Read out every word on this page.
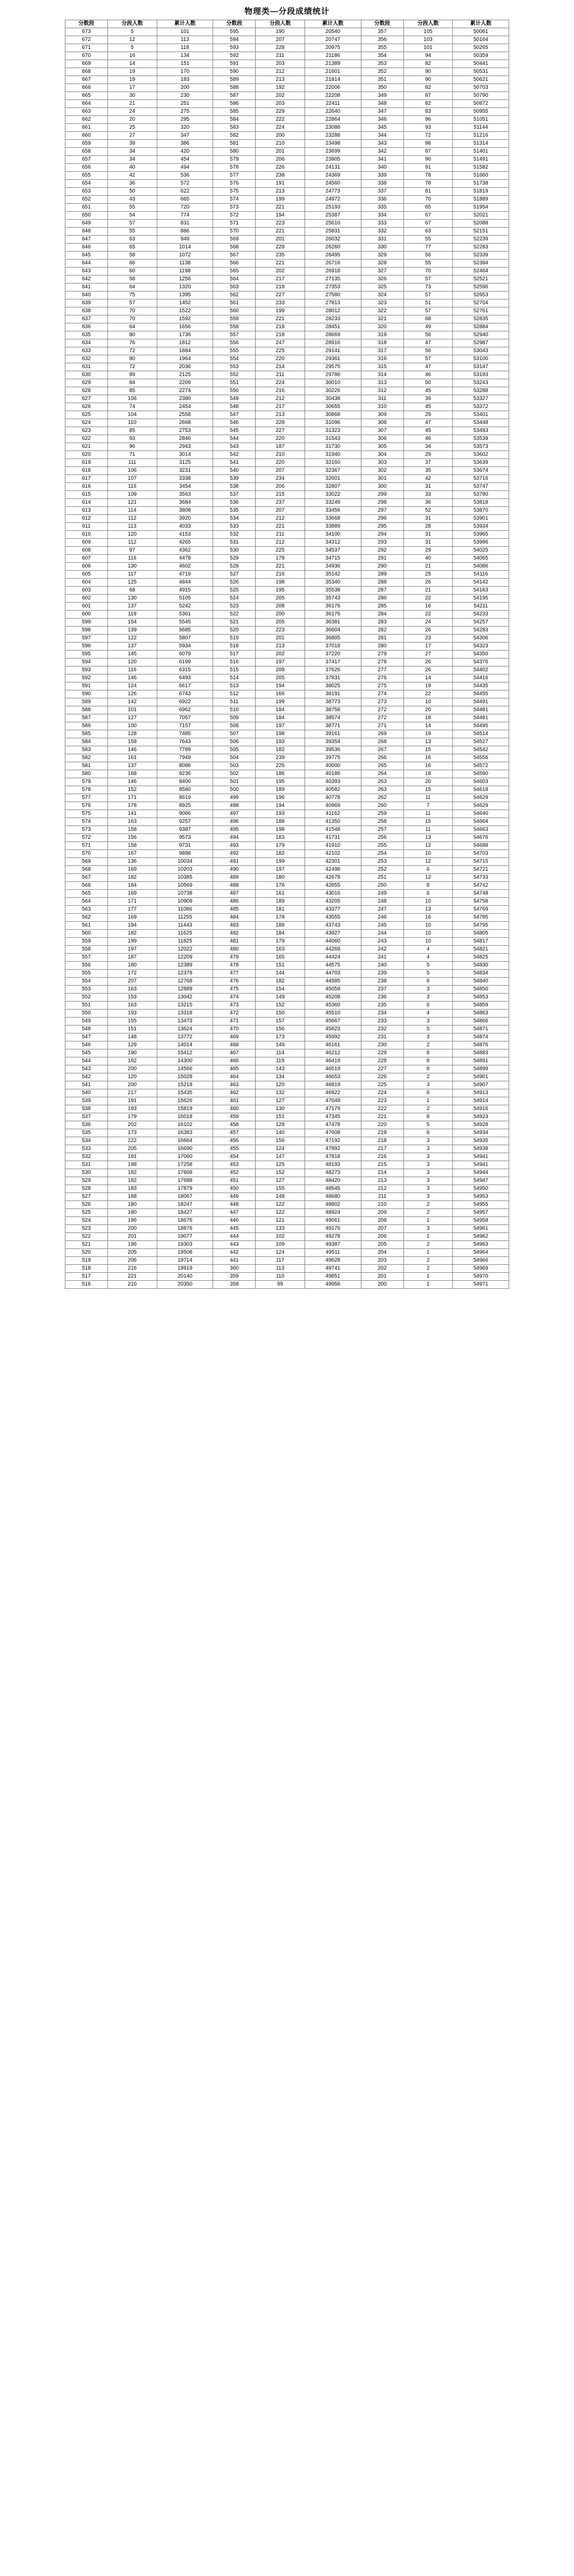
物理类—分段成绩统计
分数段	分段人数	累计人数	分数段	分段人数	累计人数	分数段	分段人数	累计人数
673	5	101	595	190	20540	357	105	50061
672	12	113	594	207	20747	356	103	50164
671	5	118	593	228	20975	355	101	50265
670	16	134	592	211	21186	354	94	50359
669	14	151	591	203	21389	353	82	50441
668	19	170	590	212	21601	352	90	50531
667	19	183	589	213	21814	351	90	50621
666	17	200	588	192	22006	350	82	50703
665	30	230	587	202	22208	349	87	50790
664	21	251	586	203	22411	348	82	50872
663	24	275	585	229	22640	347	83	50955
662	20	295	584	222	22864	346	96	51051
661	25	320	583	224	23088	345	93	51144
660	27	347	582	200	23288	344	72	51216
659	39	386	581	210	23498	343	98	51314
658	34	420	580	201	23699	342	87	51401
657	34	454	579	206	23905	341	90	51491
656	40	494	578	226	24131	340	91	51582
655	42	536	577	238	24369	339	78	51660
654	36	572	576	191	24560	338	78	51738
653	50	622	575	213	24773	337	81	51819
652	43	665	574	199	24972	336	70	51889
651	55	720	573	221	25193	335	65	51954
650	54	774	572	194	25387	334	67	52021
649	57	831	571	223	25610	333	67	52088
648	55	886	570	221	25831	332	63	52151
647	63	949	569	201	26032	331	55	52239
646	65	1014	568	228	26260	330	77	52283
645	58	1072	567	235	26495	329	56	52339
644	66	1138	566	221	26716	328	55	52394
643	60	1198	565	202	26918	327	70	52464
642	58	1256	564	217	27135	326	57	52521
641	64	1320	563	218	27353	325	73	52596
640	75	1395	562	227	27580	324	57	52653
639	57	1452	561	233	27813	323	51	52704
638	70	1522	560	199	28012	322	57	52761
637	70	1592	559	221	28233	321	68	52835
636	64	1656	558	218	28451	320	49	52884
635	80	1736	557	218	28669	319	56	52940
634	76	1812	556	247	28916	318	47	52987
633	72	1884	555	225	29141	317	56	53043
632	80	1964	554	220	29361	316	57	53100
631	72	2036	553	214	29575	315	47	53147
630	89	2125	552	211	29786	314	46	53193
629	84	2209	551	224	30010	313	50	53243
628	85	2274	550	216	30226	312	45	53288
627	106	2380	549	212	30438	311	39	53327
626	74	2454	548	217	30655	310	45	53372
625	104	2558	547	213	30868	309	29	53401
624	110	2668	546	228	31096	308	47	53448
623	85	2753	545	227	31323	307	45	53493
622	93	2846	544	220	31543	306	46	53539
621	96	2943	543	187	31730	305	34	53573
620	71	3014	542	210	31940	304	29	53602
619	111	3125	541	220	32160	303	37	53639
618	106	3231	540	207	32367	302	35	53674
617	107	3338	539	234	32601	301	42	53716
616	116	3454	538	206	32807	300	31	53747
615	109	3563	537	215	33022	299	33	53780
614	121	3684	536	237	33249	298	36	53818
613	114	3808	535	207	33456	297	52	53870
612	112	3920	534	212	33668	296	31	53901
611	113	4033	533	221	33889	295	28	53934
610	120	4153	532	211	34100	294	31	53965
609	112	4265	531	212	34312	293	31	53996
608	97	4362	530	225	34537	292	29	54025
607	116	4478	529	178	34715	291	40	54065
606	130	4602	528	221	34936	290	21	54086
605	117	4719	527	216	35142	289	25	54116
604	125	4844	526	198	35340	288	26	54142
603	68	4915	525	195	35538	287	21	54163
602	130	5105	524	205	35743	286	22	54195
601	137	5242	523	208	36176	285	16	54211
600	119	5361	522	200	36176	284	22	54233
599	154	5545	521	205	36381	283	24	54257
598	139	5685	520	223	36604	282	26	54283
597	122	5807	519	201	36805	281	23	54306
596	137	5934	518	213	37018	280	17	54323
595	145	6079	517	202	37220	279	27	54350
594	120	6199	516	197	37417	278	26	54376
593	116	6315	515	209	37626	277	26	54402
592	146	6493	514	205	37831	276	14	54416
591	124	6617	513	194	38025	275	19	54435
590	126	6743	512	166	38191	274	22	54455
589	142	6922	511	199	38773	273	10	54491
588	101	6962	510	184	38758	272	20	54481
587	127	7057	509	184	38574	272	18	54481
586	100	7157	508	197	38771	271	14	54495
585	128	7485	507	198	39161	269	19	54514
584	158	7643	506	193	39354	268	13	54527
583	146	7789	505	182	39536	267	15	54542
582	161	7949	504	239	39775	266	16	54556
581	137	8086	503	225	40000	265	16	54572
580	168	8236	502	186	40186	264	18	54590
579	146	8400	501	195	40393	263	20	54603
578	152	8580	500	189	40582	263	15	54618
577	171	8619	499	196	40778	262	11	54629
576	178	8925	498	194	40969	260	7	54629
575	141	9066	497	193	41162	259	11	54640
574	163	9257	496	188	41350	258	15	54664
573	158	9387	495	198	41548	257	11	54663
572	156	9573	494	183	41731	256	13	54676
571	158	9731	493	179	41910	255	12	54688
570	167	9898	492	182	42102	254	10	54703
569	136	10034	491	199	42301	253	12	54715
568	169	10203	490	197	42498	252	6	54721
567	182	10385	489	180	42678	251	12	54733
566	184	10569	488	176	42855	250	8	54742
565	169	10738	487	161	43016	249	6	54748
564	171	10909	486	189	43205	248	10	54758
563	177	11086	485	181	43377	247	13	54769
562	169	11255	484	178	43555	246	16	54785
561	194	11443	483	188	43743	245	10	54795
560	182	11625	482	184	43927	244	10	54805
559	199	11825	481	179	44060	243	10	54817
558	197	12022	480	163	44269	242	4	54821
557	187	12209	479	165	44424	241	4	54825
556	180	12389	478	151	44575	240	5	54830
555	172	12378	477	144	44703	239	5	54834
554	207	12768	476	182	44585	238	6	54840
553	163	12889	475	154	45059	237	3	54850
552	153	13042	474	149	45208	236	3	54853
551	163	13215	473	152	45360	235	6	54859
550	193	13318	472	150	45510	234	4	54863
549	155	13473	471	157	45667	233	3	54866
548	151	13624	470	156	45823	232	5	54871
547	148	13772	469	173	45992	231	3	54874
546	129	14014	468	149	46161	230	2	54876
545	190	15412	467	114	46212	229	8	54883
544	162	14300	466	119	46419	228	8	54891
543	200	14566	465	143	46519	227	8	54899
542	120	15028	464	134	46653	226	2	54901
541	200	15218	463	120	46819	225	3	54907
540	217	15435	462	132	46922	224	6	54913
539	191	15626	461	127	47049	223	1	54914
538	193	15819	460	130	47179	222	2	54916
537	179	16018	459	151	47345	221	8	54923
536	202	16102	458	128	47478	220	5	54928
535	173	16383	457	140	47608	219	6	54934
534	222	16664	456	156	47192	218	3	54935
533	205	16690	455	124	47892	217	3	54938
532	191	17060	454	147	47818	216	3	54941
531	198	17258	453	125	48193	215	3	54941
530	182	17668	452	152	48273	214	3	54944
529	182	17688	451	127	48420	213	3	54947
528	183	17879	450	155	48545	212	3	54950
527	188	18067	449	148	48680	211	3	54953
526	180	18247	448	122	48802	210	2	54955
525	180	18427	447	122	48924	209	2	54957
524	196	18676	446	121	49061	208	1	54958
523	200	18876	445	133	49176	207	3	54961
522	201	19077	444	102	49278	206	1	54962
521	196	19303	443	109	49387	205	2	54963
520	205	19508	442	124	49511	204	1	54964
519	206	19714	441	117	49628	203	2	54966
518	216	19919	360	113	49741	202	2	54969
517	221	20140	359	110	49851	201	1	54970
516	210	20350	358	99	49956	200	1	54971
